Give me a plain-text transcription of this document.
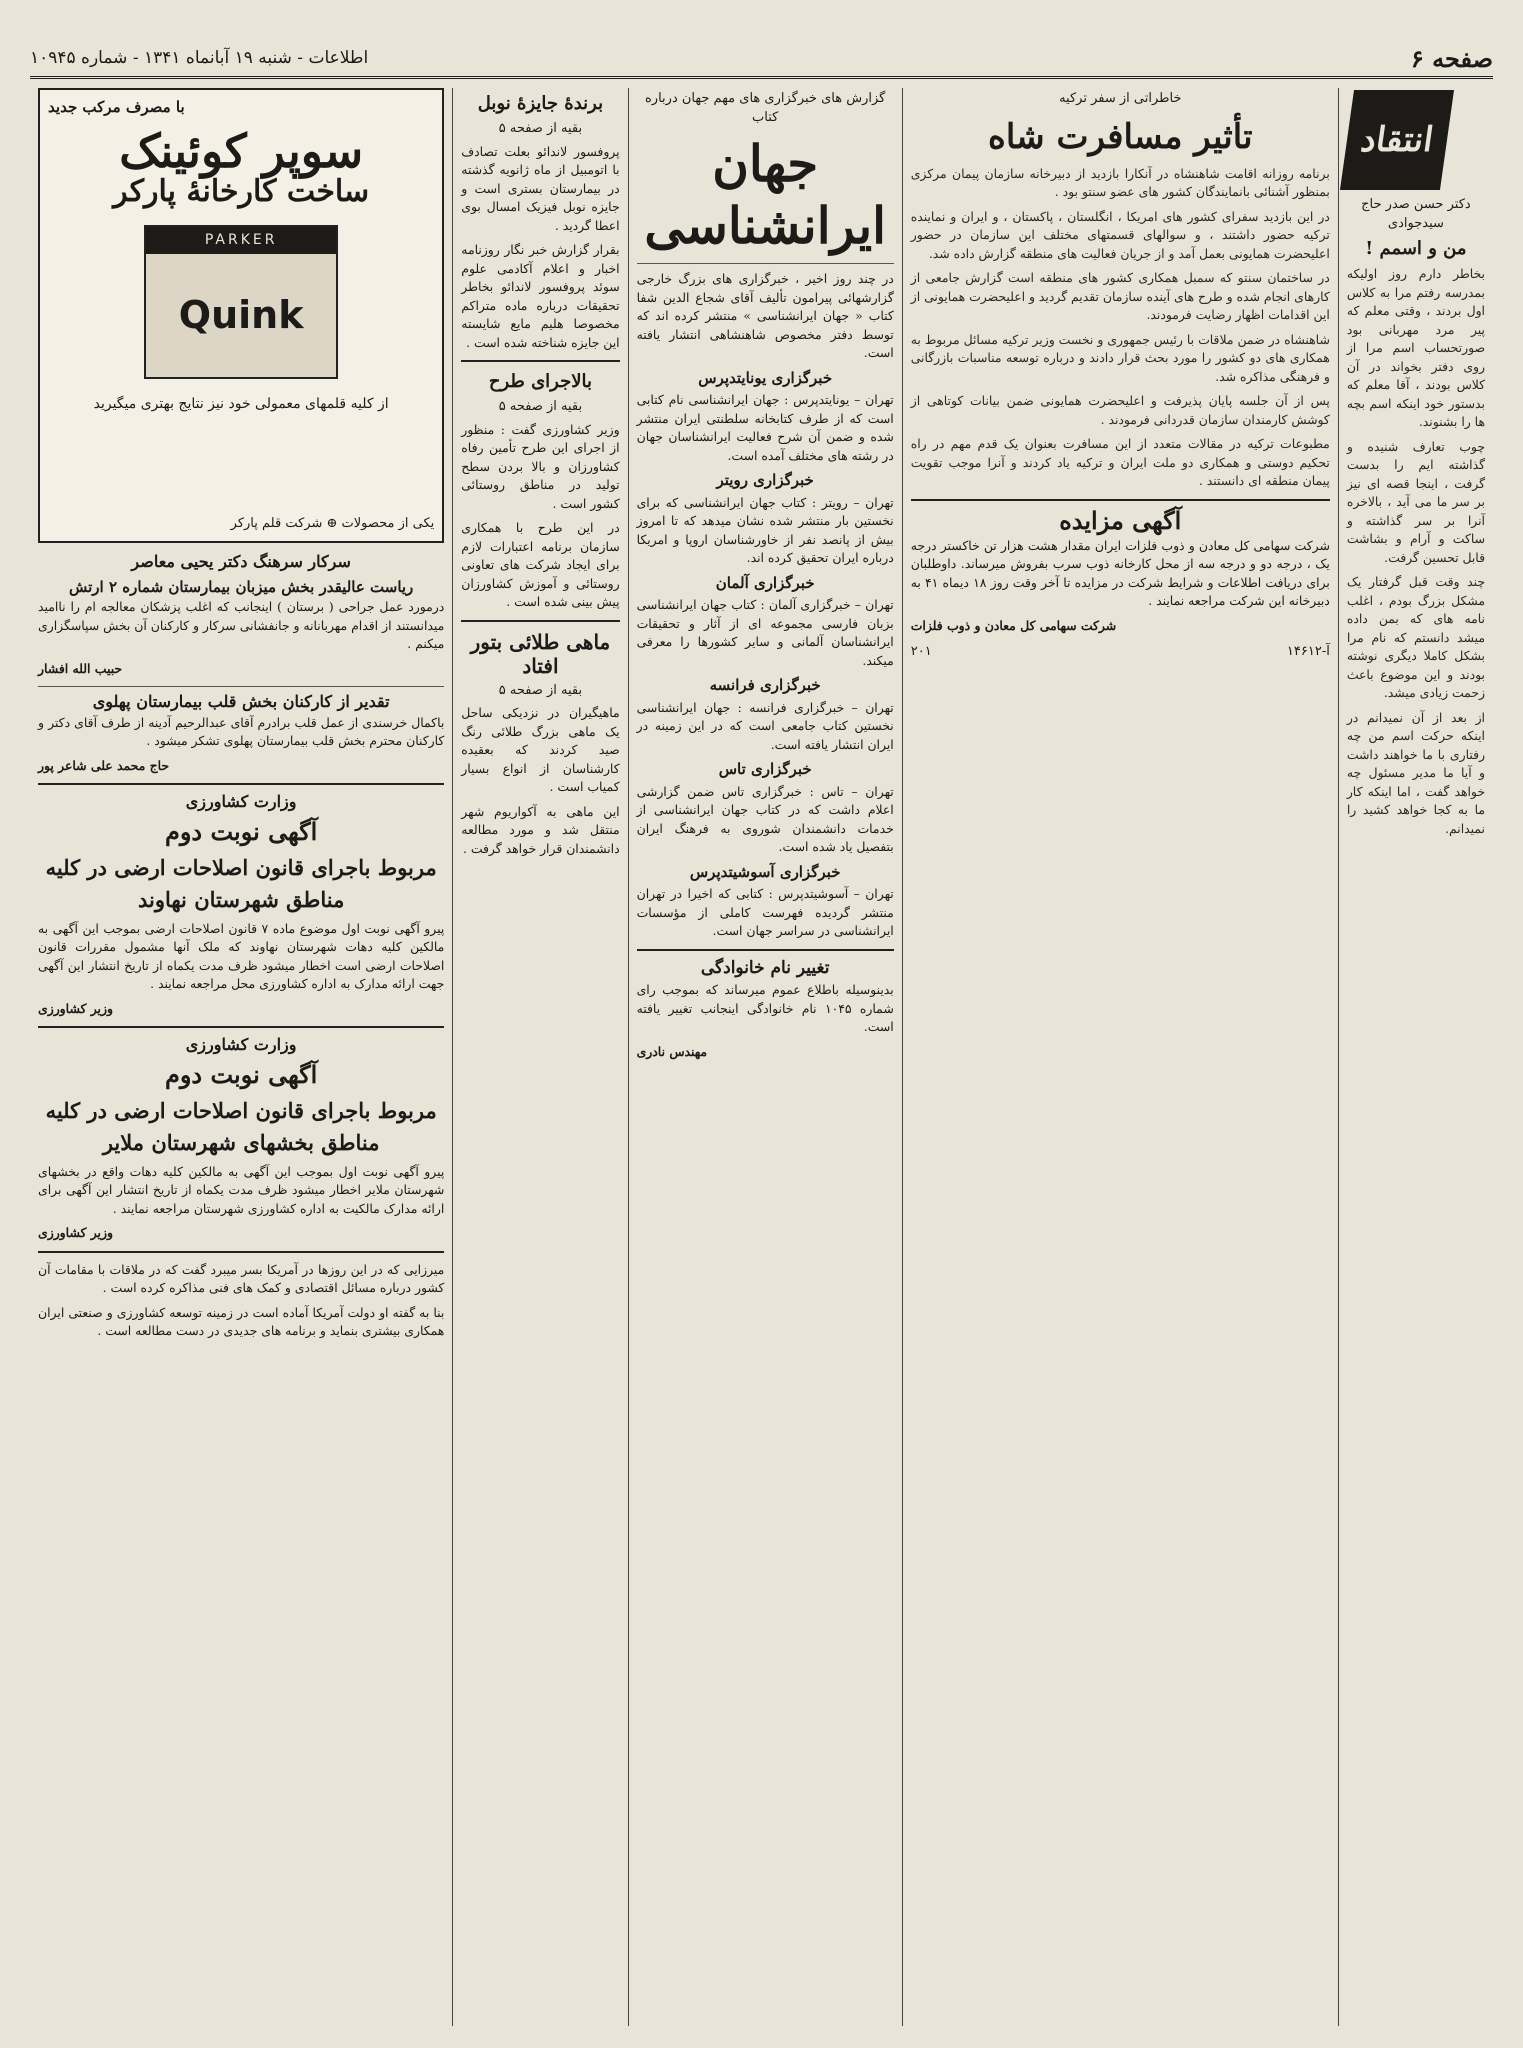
صفحه ۶
اطلاعات - شنبه ۱۹ آبانماه ۱۳۴۱ - شماره ۱۰۹۴۵
انتقاد
دکتر حسن صدر حاج سیدجوادی
من و اسمم !

بخاطر دارم روز اولیکه بمدرسه رفتم مرا به کلاس اول بردند ، وقتی معلم که پیر مرد مهربانی بود صورتحساب اسم مرا از روی دفتر بخواند در آن کلاس بودند ، آقا معلم که بدستور خود اینکه اسم بچه ها را بشنوند.

چوب تعارف شنیده و گذاشته ایم را بدست گرفت ، اینجا قصه ای نیز بر سر ما می آید ، بالاخره آنرا بر سر گذاشته و ساکت و آرام و بشاشت قابل تحسین گرفت.

چند وقت قبل گرفتار یک مشکل بزرگ بودم ، اغلب نامه های که بمن داده میشد دانستم که نام مرا بشکل کاملا دیگری نوشته بودند و این موضوع باعث زحمت زیادی میشد.

از بعد از آن نمیدانم در اینکه حرکت اسم من چه رفتاری با ما خواهند داشت و آیا ما مدیر مسئول چه خواهد گفت ، اما اینکه کار ما به کجا خواهد کشید را نمیدانم.

خاطراتی از سفر ترکیه
تأثیر مسافرت شاه

برنامه روزانه اقامت شاهنشاه در آنکارا بازدید از دبیرخانه سازمان پیمان مرکزی بمنظور آشنائی بانمایندگان کشور های عضو سنتو بود .

در این بازدید سفرای کشور های امریکا ، انگلستان ، پاکستان ، و ایران و نماینده ترکیه حضور داشتند ، و سوالهای قسمتهای مختلف این سازمان در حضور اعلیحضرت همایونی بعمل آمد و از جریان فعالیت های منطقه گزارش داده شد.

در ساختمان سنتو که سمبل همکاری کشور های منطقه است گزارش جامعی از کارهای انجام شده و طرح های آینده سازمان تقدیم گردید و اعلیحضرت همایونی از این اقدامات اظهار رضایت فرمودند.

شاهنشاه در ضمن ملاقات با رئیس جمهوری و نخست وزیر ترکیه مسائل مربوط به همکاری های دو کشور را مورد بحث قرار دادند و درباره توسعه مناسبات بازرگانی و فرهنگی مذاکره شد.

پس از آن جلسه پایان پذیرفت و اعلیحضرت همایونی ضمن بیانات کوتاهی از کوشش کارمندان سازمان قدردانی فرمودند .

مطبوعات ترکیه در مقالات متعدد از این مسافرت بعنوان یک قدم مهم در راه تحکیم دوستی و همکاری دو ملت ایران و ترکیه یاد کردند و آنرا موجب تقویت پیمان منطقه ای دانستند .

آگهی مزایده

شرکت سهامی کل معادن و ذوب فلزات ایران مقدار هشت هزار تن خاکستر درجه یک ، درجه دو و درجه سه از محل کارخانه ذوب سرب بفروش میرساند. داوطلبان برای دریافت اطلاعات و شرایط شرکت در مزایده تا آخر وقت روز ۱۸ دیماه ۴۱ به دبیرخانه این شرکت مراجعه نمایند .

شرکت سهامی کل معادن و ذوب فلزات

آ-۱۴۶۱۲
۲۰۱
گزارش های خبرگزاری های مهم جهان درباره کتاب
جهان ایرانشناسی

در چند روز اخیر ، خبرگزاری های بزرگ خارجی گزارشهائی پیرامون تألیف آقای شجاع الدین شفا کتاب « جهان ایرانشناسی » منتشر کرده اند که توسط دفتر مخصوص شاهنشاهی انتشار یافته است.

خبرگزاری یونایتدپرس

تهران – یونایتدپرس : جهان ایرانشناسی نام کتابی است که از طرف کتابخانه سلطنتی ایران منتشر شده و ضمن آن شرح فعالیت ایرانشناسان جهان در رشته های مختلف آمده است.

خبرگزاری رویتر

تهران – رویتر : کتاب جهان ایرانشناسی که برای نخستین بار منتشر شده نشان میدهد که تا امروز بیش از پانصد نفر از خاورشناسان اروپا و امریکا درباره ایران تحقیق کرده اند.

خبرگزاری آلمان

تهران – خبرگزاری آلمان : کتاب جهان ایرانشناسی بزبان فارسی مجموعه ای از آثار و تحقیقات ایرانشناسان آلمانی و سایر کشورها را معرفی میکند.

خبرگزاری فرانسه

تهران – خبرگزاری فرانسه : جهان ایرانشناسی نخستین کتاب جامعی است که در این زمینه در ایران انتشار یافته است.

خبرگزاری تاس

تهران – تاس : خبرگزاری تاس ضمن گزارشی اعلام داشت که در کتاب جهان ایرانشناسی از خدمات دانشمندان شوروی به فرهنگ ایران بتفصیل یاد شده است.

خبرگزاری آسوشیتدپرس

تهران – آسوشیتدپرس : کتابی که اخیرا در تهران منتشر گردیده فهرست کاملی از مؤسسات ایرانشناسی در سراسر جهان است.

تغییر نام خانوادگی

بدینوسیله باطلاع عموم میرساند که بموجب رای شماره ۱۰۴۵ نام خانوادگی اینجانب تغییر یافته است.

مهندس نادری

برندهٔ جایزهٔ نوبل
بقیه از صفحه ۵

پروفسور لاندائو بعلت تصادف با اتومبیل از ماه ژانویه گذشته در بیمارستان بستری است و جایزه نوبل فیزیک امسال بوی اعطا گردید .

بقرار گزارش خبر نگار روزنامه اخبار و اعلام آکادمی علوم سوئد پروفسور لاندائو بخاطر تحقیقات درباره ماده متراکم مخصوصا هلیم مایع شایسته این جایزه شناخته شده است .

بالاجرای طرح
بقیه از صفحه ۵

وزیر کشاورزی گفت : منظور از اجرای این طرح تأمین رفاه کشاورزان و بالا بردن سطح تولید در مناطق روستائی کشور است .

در این طرح با همکاری سازمان برنامه اعتبارات لازم برای ایجاد شرکت های تعاونی روستائی و آموزش کشاورزان پیش بینی شده است .

ماهی طلائی بتور افتاد
بقیه از صفحه ۵

ماهیگیران در نزدیکی ساحل یک ماهی بزرگ طلائی رنگ صید کردند که بعقیده کارشناسان از انواع بسیار کمیاب است .

این ماهی به آکواریوم شهر منتقل شد و مورد مطالعه دانشمندان قرار خواهد گرفت .

با مصرف مرکب جدید
سوپر کوئینک
ساخت کارخانهٔ پارکر
PARKER
Quink
از کلیه قلمهای معمولی خود نیز نتایج بهتری میگیرید
یکی از محصولات ⊕ شرکت قلم پارکر
سرکار سرهنگ دکتر یحیی معاصر
ریاست عالیقدر بخش میزبان بیمارستان شماره ۲ ارتش

درمورد عمل جراحی ( برستان ) اینجانب که اغلب پزشکان معالجه ام را ناامید میدانستند از اقدام مهربانانه و جانفشانی سرکار و کارکنان آن بخش سپاسگزاری میکنم .

حبیب الله افشار

تقدیر از کارکنان بخش قلب بیمارستان پهلوی

باکمال خرسندی از عمل قلب برادرم آقای عبدالرحیم آدینه از طرف آقای دکتر و کارکنان محترم بخش قلب بیمارستان پهلوی تشکر میشود .

حاج محمد علی شاعر پور

وزارت کشاورزی
آگهی نوبت دوم
مربوط باجرای قانون اصلاحات ارضی در کلیه مناطق شهرستان نهاوند

پیرو آگهی نوبت اول موضوع ماده ۷ قانون اصلاحات ارضی بموجب این آگهی به مالکین کلیه دهات شهرستان نهاوند که ملک آنها مشمول مقررات قانون اصلاحات ارضی است اخطار میشود ظرف مدت یکماه از تاریخ انتشار این آگهی جهت ارائه مدارک به اداره کشاورزی محل مراجعه نمایند .

وزیر کشاورزی

وزارت کشاورزی
آگهی نوبت دوم
مربوط باجرای قانون اصلاحات ارضی در کلیه مناطق بخشهای شهرستان ملایر

پیرو آگهی نوبت اول بموجب این آگهی به مالکین کلیه دهات واقع در بخشهای شهرستان ملایر اخطار میشود ظرف مدت یکماه از تاریخ انتشار این آگهی برای ارائه مدارک مالکیت به اداره کشاورزی شهرستان مراجعه نمایند .

وزیر کشاورزی

میرزایی که در این روزها در آمریکا بسر میبرد گفت که در ملاقات با مقامات آن کشور درباره مسائل اقتصادی و کمک های فنی مذاکره کرده است .

بنا به گفته او دولت آمریکا آماده است در زمینه توسعه کشاورزی و صنعتی ایران همکاری بیشتری بنماید و برنامه های جدیدی در دست مطالعه است .
